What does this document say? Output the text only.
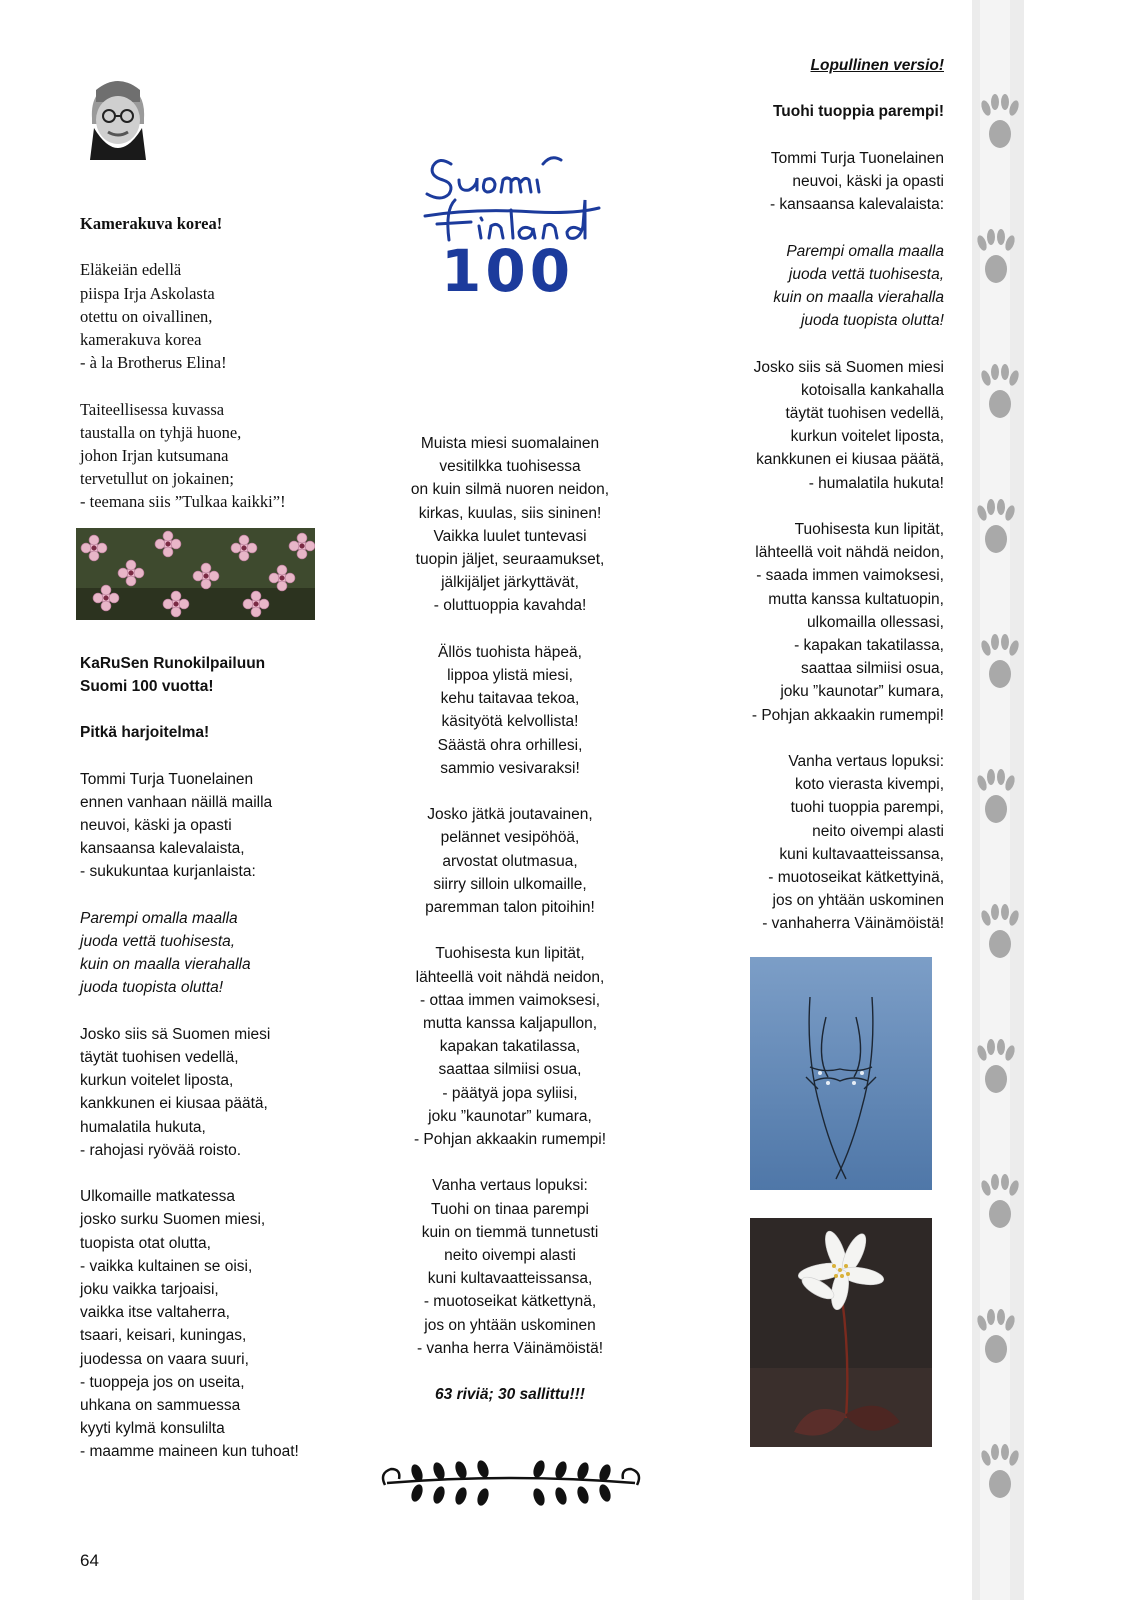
100
Kamerakuva korea!
Eläkeiän edellä
piispa Irja Askolasta
otettu on oivallinen,
kamerakuva korea
- à la Brotherus Elina!
Taiteellisessa kuvassa
taustalla on tyhjä huone,
johon Irjan kutsumana
tervetullut on jokainen;
- teemana siis ”Tulkaa kaikki”!
KaRuSen Runokilpailuun
Suomi 100 vuotta!
Pitkä harjoitelma!
Tommi Turja Tuonelainen
ennen vanhaan näillä mailla
neuvoi, käski ja opasti
kansaansa kalevalaista,
- sukukuntaa kurjanlaista:
Parempi omalla maalla
juoda vettä tuohisesta,
kuin on maalla vierahalla
juoda tuopista olutta!
Josko siis sä Suomen miesi
täytät tuohisen vedellä,
kurkun voitelet liposta,
kankkunen ei kiusaa päätä,
humalatila hukuta,
- rahojasi ryövää roisto.
Ulkomaille matkatessa
josko surku Suomen miesi,
tuopista otat olutta,
- vaikka kultainen se oisi,
joku vaikka tarjoaisi,
vaikka itse valtaherra,
tsaari, keisari, kuningas,
juodessa on vaara suuri,
- tuoppeja jos on useita,
uhkana on sammuessa
kyyti kylmä konsulilta
- maamme maineen kun tuhoat!
Muista miesi suomalainen
vesitilkka tuohisessa
on kuin silmä nuoren neidon,
kirkas, kuulas, siis sininen!
Vaikka luulet tuntevasi
tuopin jäljet, seuraamukset,
jälkijäljet järkyttävät,
- oluttuoppia kavahda!
Ällös tuohista häpeä,
lippoa ylistä miesi,
kehu taitavaa tekoa,
käsityötä kelvollista!
Säästä ohra orhillesi,
sammio vesivaraksi!
Josko jätkä joutavainen,
pelännet vesipöhöä,
arvostat olutmasua,
siirry silloin ulkomaille,
paremman talon pitoihin!
Tuohisesta kun lipität,
lähteellä voit nähdä neidon,
- ottaa immen vaimoksesi,
mutta kanssa kaljapullon,
kapakan takatilassa,
saattaa silmiisi osua,
- päätyä jopa syliisi,
joku ”kaunotar” kumara,
- Pohjan akkaakin rumempi!
Vanha vertaus lopuksi:
Tuohi on tinaa parempi
kuin on tiemmä tunnetusti
neito oivempi alasti
kuni kultavaatteissansa,
- muotoseikat kätkettynä,
jos on yhtään uskominen
- vanha herra Väinämöistä!
63 riviä; 30 sallittu!!!
Lopullinen versio!
Tuohi tuoppia parempi!
Tommi Turja Tuonelainen
neuvoi, käski ja opasti
- kansaansa kalevalaista:
Parempi omalla maalla
juoda vettä tuohisesta,
kuin on maalla vierahalla
juoda tuopista olutta!
Josko siis sä Suomen miesi
kotoisalla kankahalla
täytät tuohisen vedellä,
kurkun voitelet liposta,
kankkunen ei kiusaa päätä,
- humalatila hukuta!
Tuohisesta kun lipität,
lähteellä voit nähdä neidon,
- saada immen vaimoksesi,
mutta kanssa kultatuopin,
ulkomailla ollessasi,
- kapakan takatilassa,
saattaa silmiisi osua,
joku ”kaunotar” kumara,
- Pohjan akkaakin rumempi!
Vanha vertaus lopuksi:
koto vierasta kivempi,
tuohi tuoppia parempi,
neito oivempi alasti
kuni kultavaatteissansa,
- muotoseikat kätkettyinä,
jos on yhtään uskominen
- vanhaherra Väinämöistä!
64
